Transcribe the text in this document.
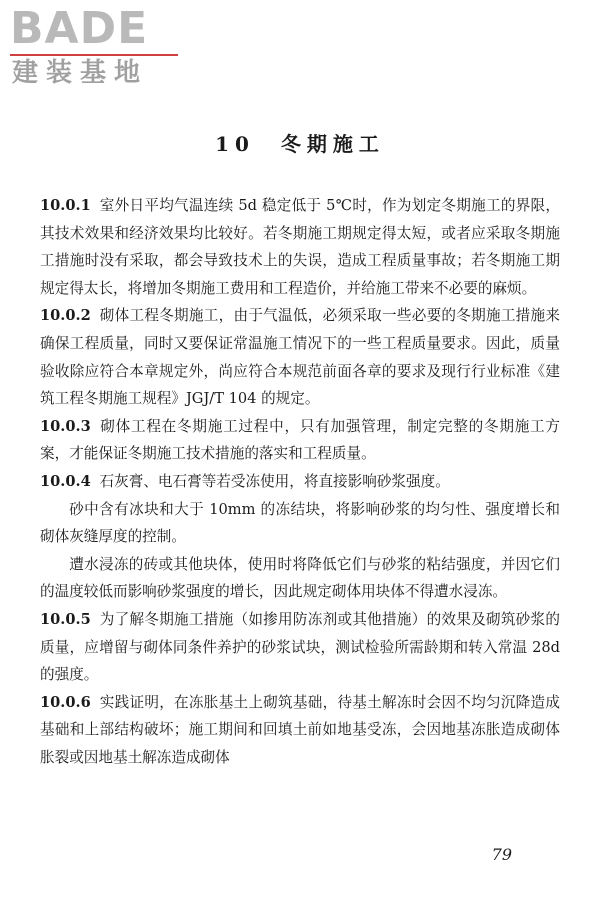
BADE
建装基地
10　冬期施工

10.0.1 室外日平均气温连续 5d 稳定低于 5℃时，作为划定冬期施工的界限，其技术效果和经济效果均比较好。若冬期施工期规定得太短，或者应采取冬期施工措施时没有采取，都会导致技术上的失误，造成工程质量事故；若冬期施工期规定得太长，将增加冬期施工费用和工程造价，并给施工带来不必要的麻烦。

10.0.2 砌体工程冬期施工，由于气温低，必须采取一些必要的冬期施工措施来确保工程质量，同时又要保证常温施工情况下的一些工程质量要求。因此，质量验收除应符合本章规定外，尚应符合本规范前面各章的要求及现行行业标准《建筑工程冬期施工规程》JGJ/T 104 的规定。

10.0.3 砌体工程在冬期施工过程中，只有加强管理，制定完整的冬期施工方案，才能保证冬期施工技术措施的落实和工程质量。

10.0.4 石灰膏、电石膏等若受冻使用，将直接影响砂浆强度。

砂中含有冰块和大于 10mm 的冻结块，将影响砂浆的均匀性、强度增长和砌体灰缝厚度的控制。

遭水浸冻的砖或其他块体，使用时将降低它们与砂浆的粘结强度，并因它们的温度较低而影响砂浆强度的增长，因此规定砌体用块体不得遭水浸冻。

10.0.5 为了解冬期施工措施（如掺用防冻剂或其他措施）的效果及砌筑砂浆的质量，应增留与砌体同条件养护的砂浆试块，测试检验所需龄期和转入常温 28d 的强度。

10.0.6 实践证明，在冻胀基土上砌筑基础，待基土解冻时会因不均匀沉降造成基础和上部结构破坏；施工期间和回填土前如地基受冻，会因地基冻胀造成砌体胀裂或因地基土解冻造成砌体

79
